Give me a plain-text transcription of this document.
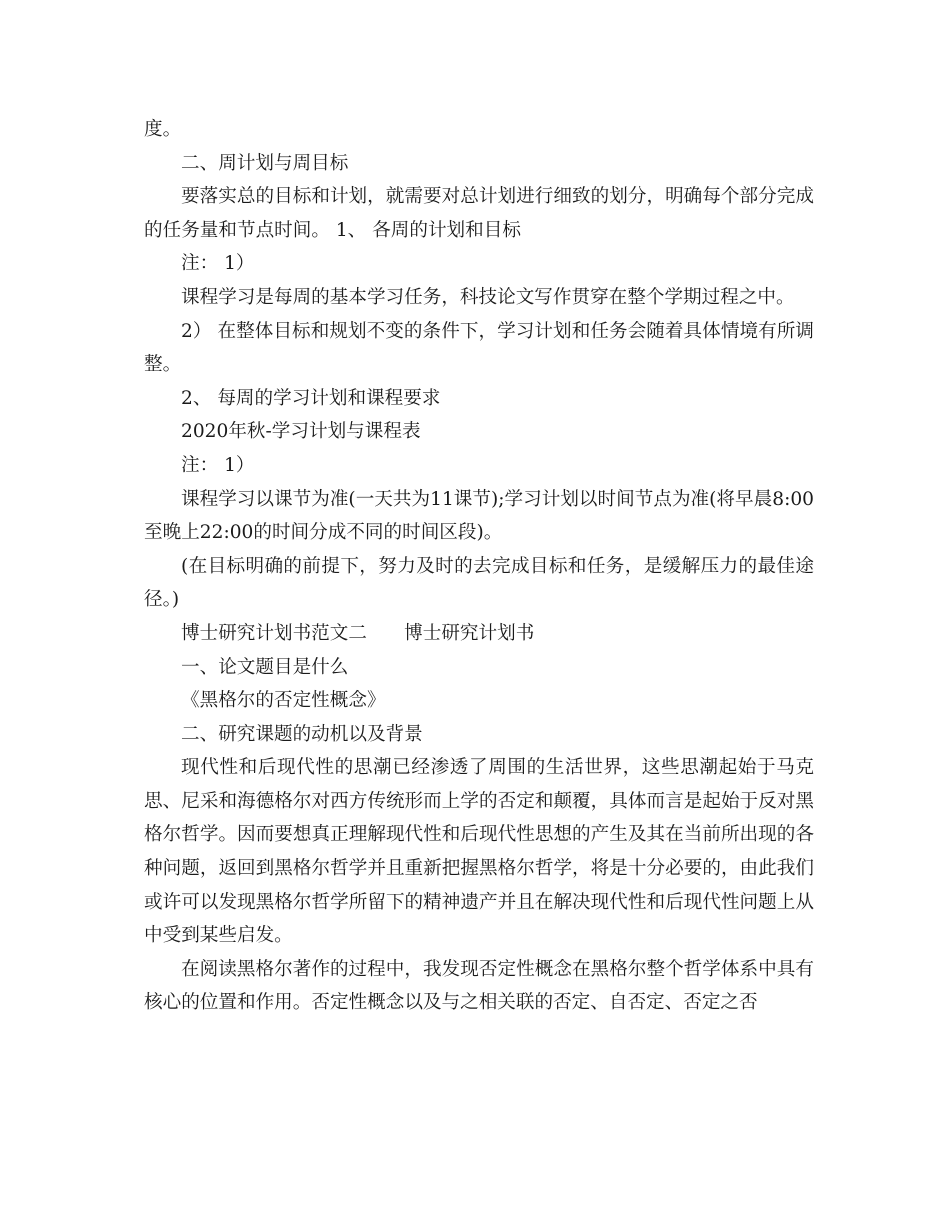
度。

二、周计划与周目标

要落实总的目标和计划，就需要对总计划进行细致的划分，明确每个部分完成的任务量和节点时间。 1、 各周的计划和目标

注： 1）

课程学习是每周的基本学习任务，科技论文写作贯穿在整个学期过程之中。

2） 在整体目标和规划不变的条件下，学习计划和任务会随着具体情境有所调整。

2、 每周的学习计划和课程要求

2020年秋-学习计划与课程表

注： 1）

课程学习以课节为准(一天共为11课节);学习计划以时间节点为准(将早晨8:00至晚上22:00的时间分成不同的时间区段)。

(在目标明确的前提下，努力及时的去完成目标和任务，是缓解压力的最佳途径。)

博士研究计划书范文二　　博士研究计划书

一、论文题目是什么

《黑格尔的否定性概念》

二、研究课题的动机以及背景

现代性和后现代性的思潮已经渗透了周围的生活世界，这些思潮起始于马克思、尼采和海德格尔对西方传统形而上学的否定和颠覆，具体而言是起始于反对黑格尔哲学。因而要想真正理解现代性和后现代性思想的产生及其在当前所出现的各种问题，返回到黑格尔哲学并且重新把握黑格尔哲学，将是十分必要的，由此我们或许可以发现黑格尔哲学所留下的精神遗产并且在解决现代性和后现代性问题上从中受到某些启发。

在阅读黑格尔著作的过程中，我发现否定性概念在黑格尔整个哲学体系中具有核心的位置和作用。否定性概念以及与之相关联的否定、自否定、否定之否
